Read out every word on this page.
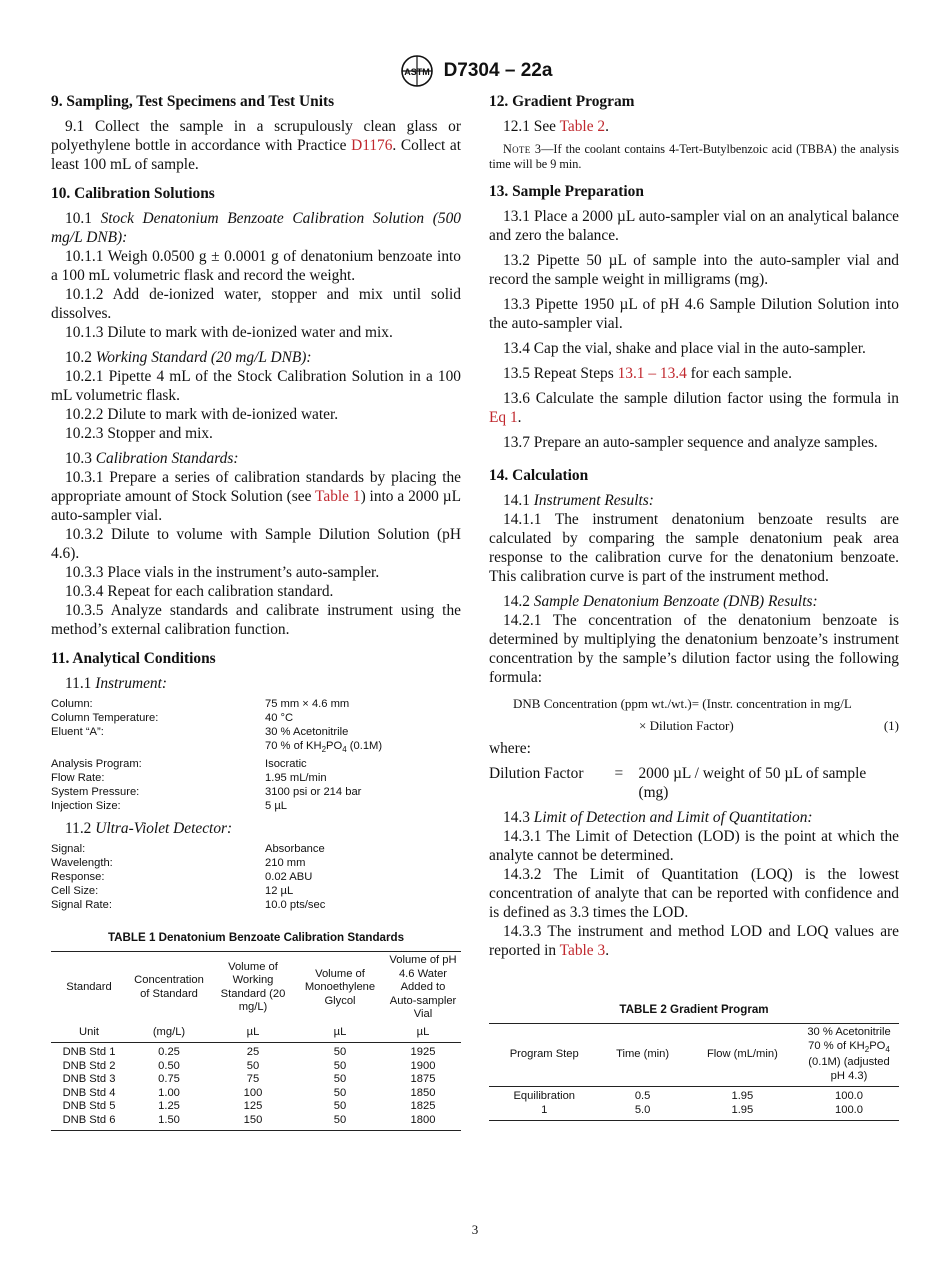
ASTM D7304 – 22a
9. Sampling, Test Specimens and Test Units

9.1 Collect the sample in a scrupulously clean glass or polyethylene bottle in accordance with Practice D1176. Collect at least 100 mL of sample.

10. Calibration Solutions

10.1 Stock Denatonium Benzoate Calibration Solution (500 mg/L DNB):

10.1.1 Weigh 0.0500 g ± 0.0001 g of denatonium benzoate into a 100 mL volumetric flask and record the weight.

10.1.2 Add de-ionized water, stopper and mix until solid dissolves.

10.1.3 Dilute to mark with de-ionized water and mix.

10.2 Working Standard (20 mg/L DNB):

10.2.1 Pipette 4 mL of the Stock Calibration Solution in a 100 mL volumetric flask.

10.2.2 Dilute to mark with de-ionized water.

10.2.3 Stopper and mix.

10.3 Calibration Standards:

10.3.1 Prepare a series of calibration standards by placing the appropriate amount of Stock Solution (see Table 1) into a 2000 µL auto-sampler vial.

10.3.2 Dilute to volume with Sample Dilution Solution (pH 4.6).

10.3.3 Place vials in the instrument’s auto-sampler.

10.3.4 Repeat for each calibration standard.

10.3.5 Analyze standards and calibrate instrument using the method’s external calibration function.

11. Analytical Conditions

11.1 Instrument:

Column:	75 mm × 4.6 mm
Column Temperature:	40 °C
Eluent “A”:	30 % Acetonitrile
70 % of $KH_2PO_4$ (0.1M)
Analysis Program:	Isocratic
Flow Rate:	1.95 mL/min
System Pressure:	3100 psi or 214 bar
Injection Size:	5 µL

11.2 Ultra-Violet Detector:

Signal:	Absorbance
Wavelength:	210 mm
Response:	0.02 ABU
Cell Size:	12 µL
Signal Rate:	10.0 pts/sec
TABLE 1 Denatonium Benzoate Calibration Standards
Standard	Concentration of Standard	Volume of Working Standard (20 mg/L)	Volume of Monoethylene Glycol	Volume of pH 4.6 Water Added to Auto-sampler Vial
Unit	(mg/L)	µL	µL	µL
DNB Std 1	0.25	25	50	1925
DNB Std 2	0.50	50	50	1900
DNB Std 3	0.75	75	50	1875
DNB Std 4	1.00	100	50	1850
DNB Std 5	1.25	125	50	1825
DNB Std 6	1.50	150	50	1800
12. Gradient Program

12.1 See Table 2.

Note 3—If the coolant contains 4-Tert-Butylbenzoic acid (TBBA) the analysis time will be 9 min.

13. Sample Preparation

13.1 Place a 2000 µL auto-sampler vial on an analytical balance and zero the balance.

13.2 Pipette 50 µL of sample into the auto-sampler vial and record the sample weight in milligrams (mg).

13.3 Pipette 1950 µL of pH 4.6 Sample Dilution Solution into the auto-sampler vial.

13.4 Cap the vial, shake and place vial in the auto-sampler.

13.5 Repeat Steps 13.1 – 13.4 for each sample.

13.6 Calculate the sample dilution factor using the formula in Eq 1.

13.7 Prepare an auto-sampler sequence and analyze samples.

14. Calculation

14.1 Instrument Results:

14.1.1 The instrument denatonium benzoate results are calculated by comparing the sample denatonium peak area response to the calibration curve for the denatonium benzoate. This calibration curve is part of the instrument method.

14.2 Sample Denatonium Benzoate (DNB) Results:

14.2.1 The concentration of the denatonium benzoate is determined by multiplying the denatonium benzoate’s instrument concentration by the sample’s dilution factor using the following formula:

DNB Concentration (ppm wt./wt.)= (Instr. concentration in mg/L
× Dilution Factor)	(1)

where:

Dilution Factor	= 2000 µL / weight of 50 µL of sample (mg)

14.3 Limit of Detection and Limit of Quantitation:

14.3.1 The Limit of Detection (LOD) is the point at which the analyte cannot be determined.

14.3.2 The Limit of Quantitation (LOQ) is the lowest concentration of analyte that can be reported with confidence and is defined as 3.3 times the LOD.

14.3.3 The instrument and method LOD and LOQ values are reported in Table 3.

TABLE 2 Gradient Program
Program Step	Time (min)	Flow (mL/min)	30 % Acetonitrile
70 % of $KH_2PO_4$
(0.1M) (adjusted
pH 4.3)
Equilibration	0.5	1.95	100.0
1	5.0	1.95	100.0
3
